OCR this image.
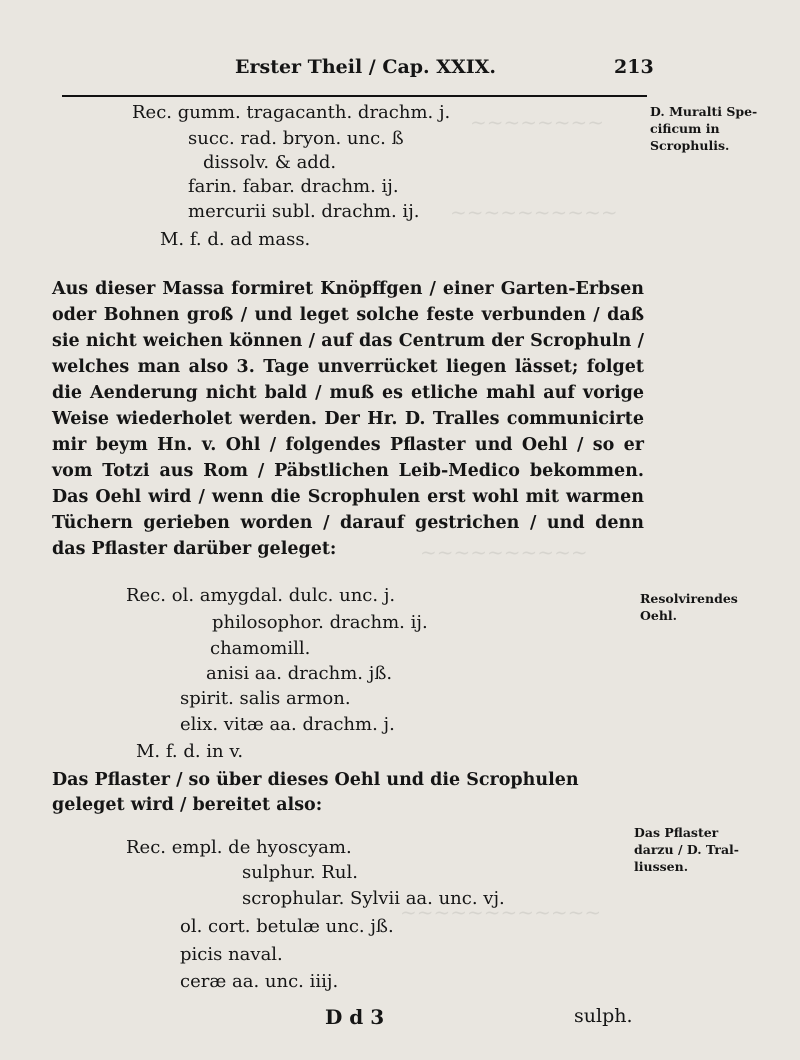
~~~~~~~~
~~~~~~~~~~
~~~~~~~~~~
~~~~~~~~~~~~
Erster Theil / Cap. XXIX.	213
Rec. gumm. tragacanth. drachm. j.
succ. rad. bryon. unc. ß
dissolv. & add.
farin. fabar. drachm. ij.
mercurii subl. drachm. ij.
M. f. d. ad mass.

Aus dieser Massa formiret Knöpffgen / einer Garten-Erbsen oder Bohnen groß / und leget solche feste verbunden / daß sie nicht weichen können / auf das Centrum der Scrophuln / welches man also 3. Tage unverrücket liegen lässet; folget die Aenderung nicht bald / muß es etliche mahl auf vorige Weise wiederholet werden. Der Hr. D. Tralles communicirte mir beym Hn. v. Ohl / folgendes Pflaster und Oehl / so er vom Totzi aus Rom / Päbstlichen Leib-Medico bekommen. Das Oehl wird / wenn die Scrophulen erst wohl mit warmen Tüchern gerieben worden / darauf gestrichen / und denn das Pflaster darüber geleget:

Rec. ol. amygdal. dulc. unc. j.
philosophor. drachm. ij.
chamomill.
anisi aa. drachm. jß.
spirit. salis armon.
elix. vitæ aa. drachm. j.
M. f. d. in v.
Das Pflaster / so über dieses Oehl und die Scrophulen geleget wird / bereitet also:
Rec. empl. de hyoscyam.
sulphur. Rul.
scrophular. Sylvii aa. unc. vj.
ol. cort. betulæ unc. jß.
picis naval.
ceræ aa. unc. iiij.
D. Muralti Spe-
cificum in
Scrophulis.
Resolvirendes
Oehl.
Das Pflaster
darzu / D. Tral-
liussen.
D d 3	sulph.
